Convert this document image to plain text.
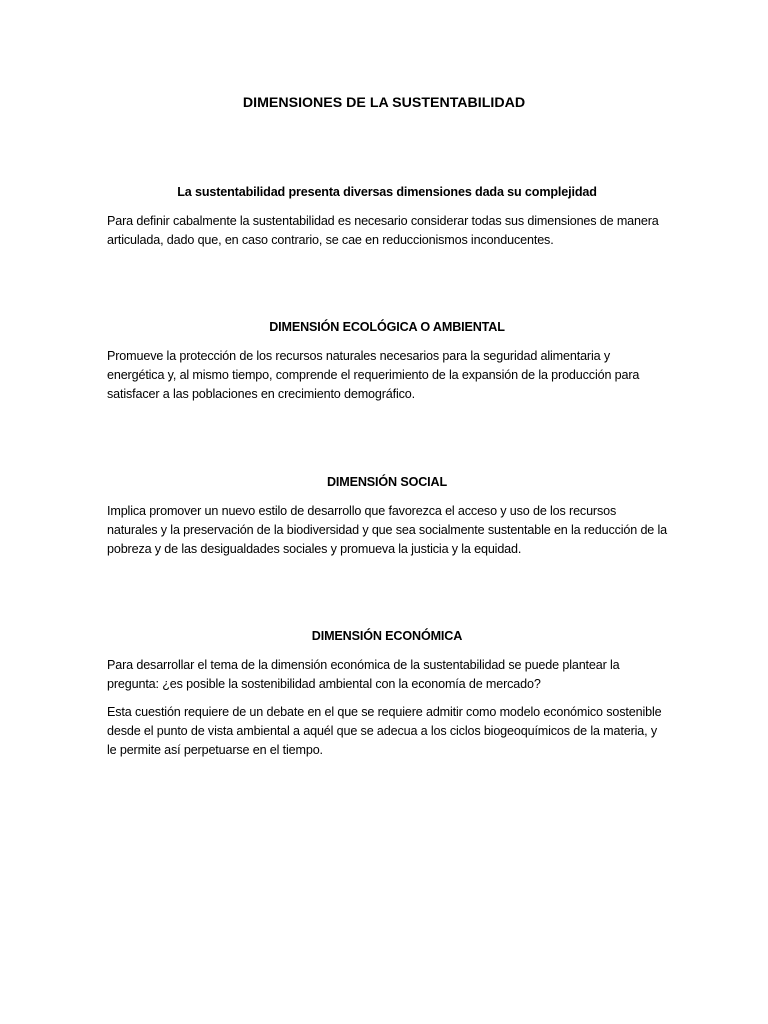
DIMENSIONES DE LA SUSTENTABILIDAD
La sustentabilidad presenta diversas dimensiones dada su complejidad

Para definir cabalmente la sustentabilidad es necesario considerar todas sus dimensiones de manera articulada, dado que, en caso contrario, se cae en reduccionismos inconducentes.

DIMENSIÓN ECOLÓGICA O AMBIENTAL

Promueve la protección de los recursos naturales necesarios para la seguridad alimentaria y energética y, al mismo tiempo, comprende el requerimiento de la expansión de la producción para satisfacer a las poblaciones en crecimiento demográfico.

DIMENSIÓN SOCIAL

Implica promover un nuevo estilo de desarrollo que favorezca el acceso y uso de los recursos naturales y la preservación de la biodiversidad y que sea socialmente sustentable en la reducción de la pobreza y de las desigualdades sociales y promueva la justicia y la equidad.

DIMENSIÓN ECONÓMICA

Para desarrollar el tema de la dimensión económica de la sustentabilidad se puede plantear la pregunta: ¿es posible la sostenibilidad ambiental con la economía de mercado?

Esta cuestión requiere de un debate en el que se requiere admitir como modelo económico sostenible desde el punto de vista ambiental a aquél que se adecua a los ciclos biogeoquímicos de la materia, y le permite así perpetuarse en el tiempo.
